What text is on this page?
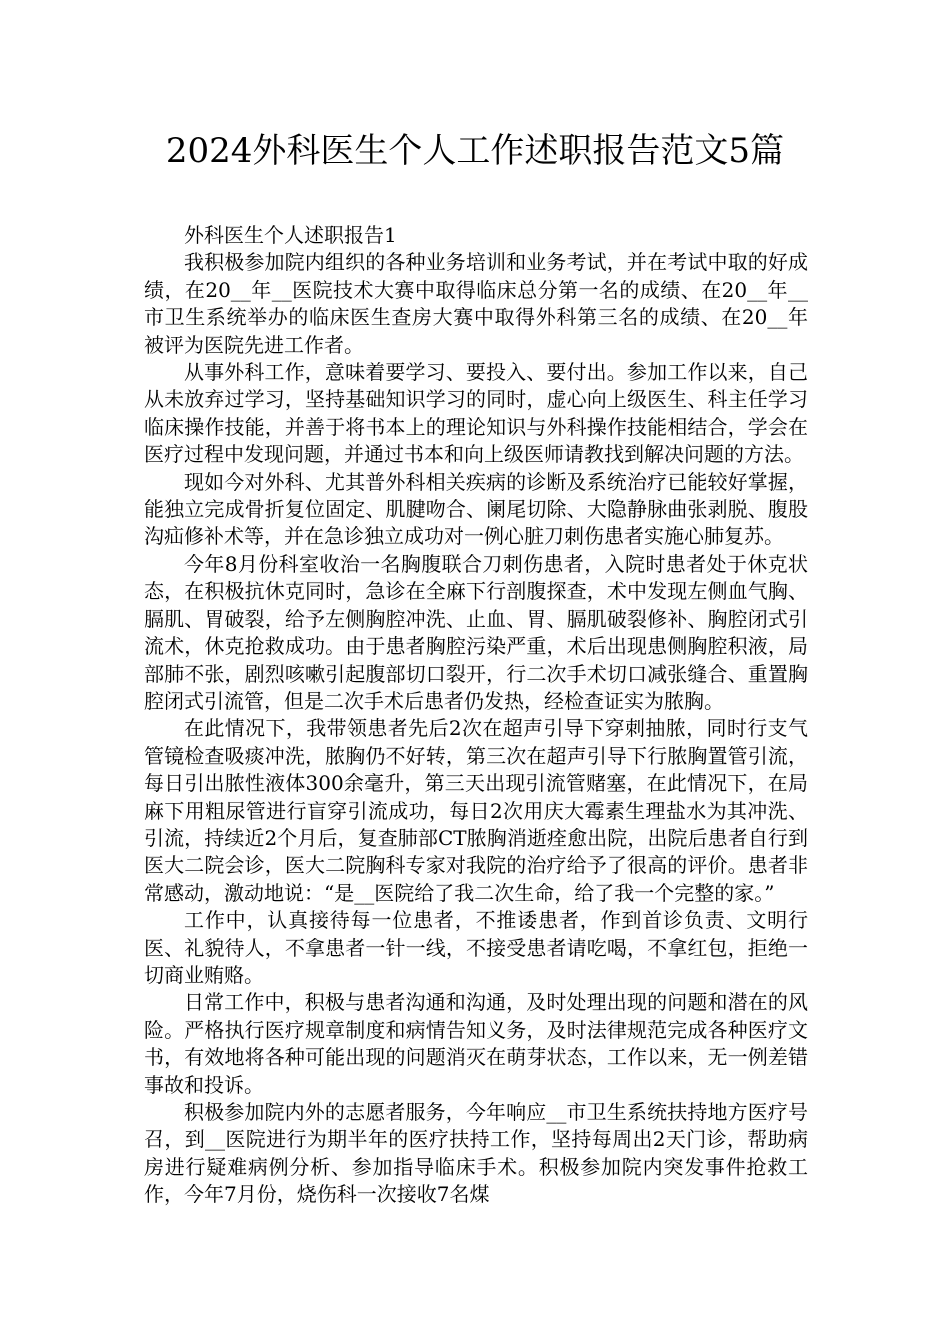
2024外科医生个人工作述职报告范文5篇

外科医生个人述职报告1

我积极参加院内组织的各种业务培训和业务考试，并在考试中取的好成绩，在20__年__医院技术大赛中取得临床总分第一名的成绩、在20__年__市卫生系统举办的临床医生查房大赛中取得外科第三名的成绩、在20__年被评为医院先进工作者。

从事外科工作，意味着要学习、要投入、要付出。参加工作以来，自己从未放弃过学习，坚持基础知识学习的同时，虚心向上级医生、科主任学习临床操作技能，并善于将书本上的理论知识与外科操作技能相结合，学会在医疗过程中发现问题，并通过书本和向上级医师请教找到解决问题的方法。

现如今对外科、尤其普外科相关疾病的诊断及系统治疗已能较好掌握，能独立完成骨折复位固定、肌腱吻合、阑尾切除、大隐静脉曲张剥脱、腹股沟疝修补术等，并在急诊独立成功对一例心脏刀刺伤患者实施心肺复苏。

今年8月份科室收治一名胸腹联合刀刺伤患者，入院时患者处于休克状态，在积极抗休克同时，急诊在全麻下行剖腹探查，术中发现左侧血气胸、膈肌、胃破裂，给予左侧胸腔冲洗、止血、胃、膈肌破裂修补、胸腔闭式引流术，休克抢救成功。由于患者胸腔污染严重，术后出现患侧胸腔积液，局部肺不张，剧烈咳嗽引起腹部切口裂开，行二次手术切口减张缝合、重置胸腔闭式引流管，但是二次手术后患者仍发热，经检查证实为脓胸。

在此情况下，我带领患者先后2次在超声引导下穿刺抽脓，同时行支气管镜检查吸痰冲洗，脓胸仍不好转，第三次在超声引导下行脓胸置管引流，每日引出脓性液体300余毫升，第三天出现引流管赌塞，在此情况下，在局麻下用粗尿管进行盲穿引流成功，每日2次用庆大霉素生理盐水为其冲洗、引流，持续近2个月后，复查肺部CT脓胸消逝痊愈出院，出院后患者自行到医大二院会诊，医大二院胸科专家对我院的治疗给予了很高的评价。患者非常感动，激动地说：“是__医院给了我二次生命，给了我一个完整的家。”

工作中，认真接待每一位患者，不推诿患者，作到首诊负责、文明行医、礼貌待人，不拿患者一针一线，不接受患者请吃喝，不拿红包，拒绝一切商业贿赂。

日常工作中，积极与患者沟通和沟通，及时处理出现的问题和潜在的风险。严格执行医疗规章制度和病情告知义务，及时法律规范完成各种医疗文书，有效地将各种可能出现的问题消灭在萌芽状态，工作以来，无一例差错事故和投诉。

积极参加院内外的志愿者服务，今年响应__市卫生系统扶持地方医疗号召，到__医院进行为期半年的医疗扶持工作，坚持每周出2天门诊，帮助病房进行疑难病例分析、参加指导临床手术。积极参加院内突发事件抢救工作，今年7月份，烧伤科一次接收7名煤
